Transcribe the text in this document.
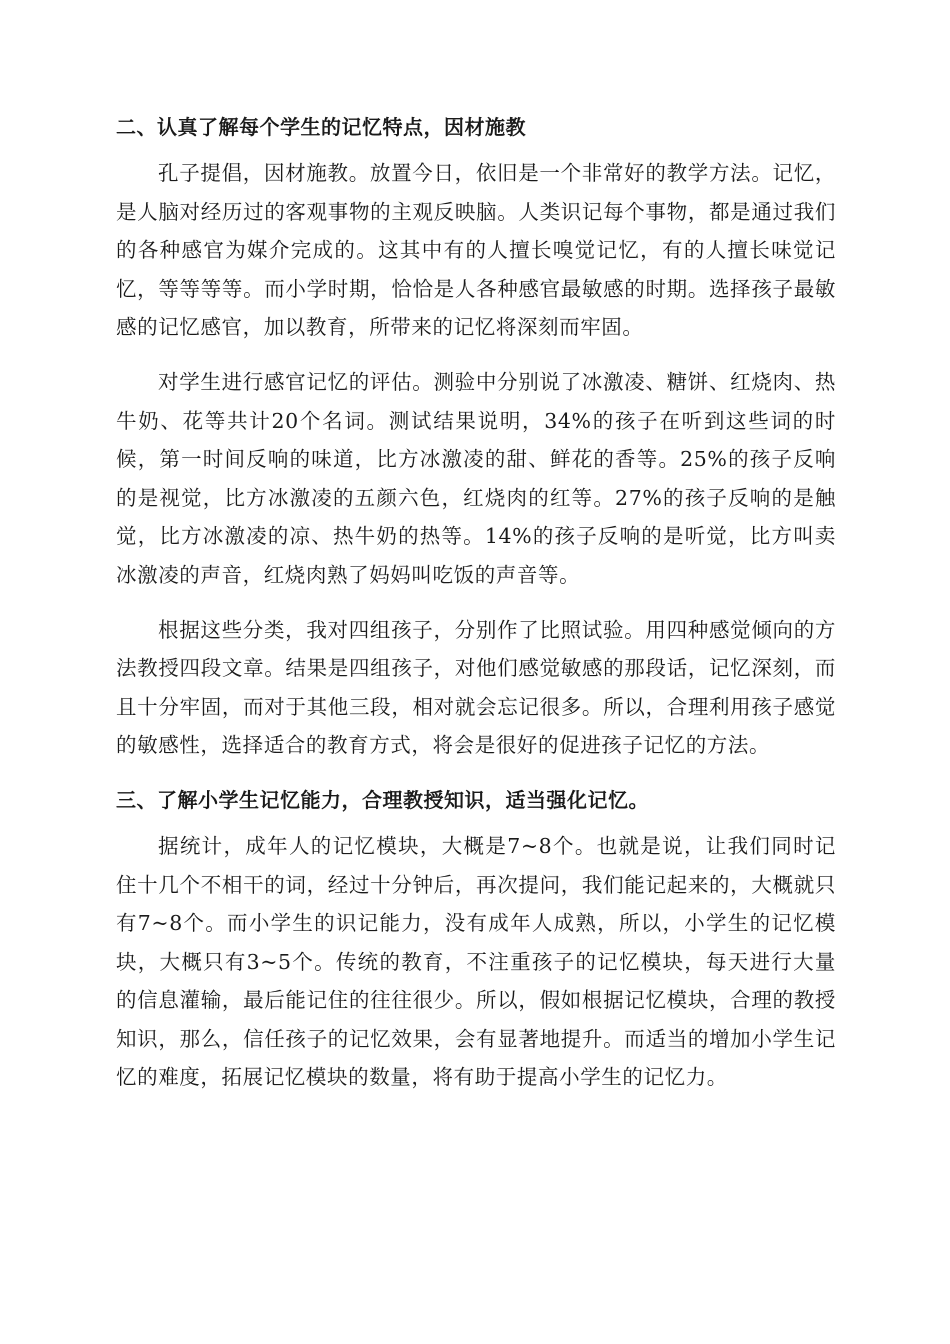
二、认真了解每个学生的记忆特点，因材施教

孔子提倡，因材施教。放置今日，依旧是一个非常好的教学方法。记忆，是人脑对经历过的客观事物的主观反映脑。人类识记每个事物，都是通过我们的各种感官为媒介完成的。这其中有的人擅长嗅觉记忆，有的人擅长味觉记忆，等等等等。而小学时期，恰恰是人各种感官最敏感的时期。选择孩子最敏感的记忆感官，加以教育，所带来的记忆将深刻而牢固。

对学生进行感官记忆的评估。测验中分别说了冰激凌、糖饼、红烧肉、热牛奶、花等共计20个名词。测试结果说明，34%的孩子在听到这些词的时候，第一时间反响的味道，比方冰激凌的甜、鲜花的香等。25%的孩子反响的是视觉，比方冰激凌的五颜六色，红烧肉的红等。27%的孩子反响的是触觉，比方冰激凌的凉、热牛奶的热等。14%的孩子反响的是听觉，比方叫卖冰激凌的声音，红烧肉熟了妈妈叫吃饭的声音等。

根据这些分类，我对四组孩子，分别作了比照试验。用四种感觉倾向的方法教授四段文章。结果是四组孩子，对他们感觉敏感的那段话，记忆深刻，而且十分牢固，而对于其他三段，相对就会忘记很多。所以，合理利用孩子感觉的敏感性，选择适合的教育方式，将会是很好的促进孩子记忆的方法。

三、了解小学生记忆能力，合理教授知识，适当强化记忆。

据统计，成年人的记忆模块，大概是7~8个。也就是说，让我们同时记住十几个不相干的词，经过十分钟后，再次提问，我们能记起来的，大概就只有7~8个。而小学生的识记能力，没有成年人成熟，所以，小学生的记忆模块，大概只有3~5个。传统的教育，不注重孩子的记忆模块，每天进行大量的信息灌输，最后能记住的往往很少。所以，假如根据记忆模块，合理的教授知识，那么，信任孩子的记忆效果，会有显著地提升。而适当的增加小学生记忆的难度，拓展记忆模块的数量，将有助于提高小学生的记忆力。
